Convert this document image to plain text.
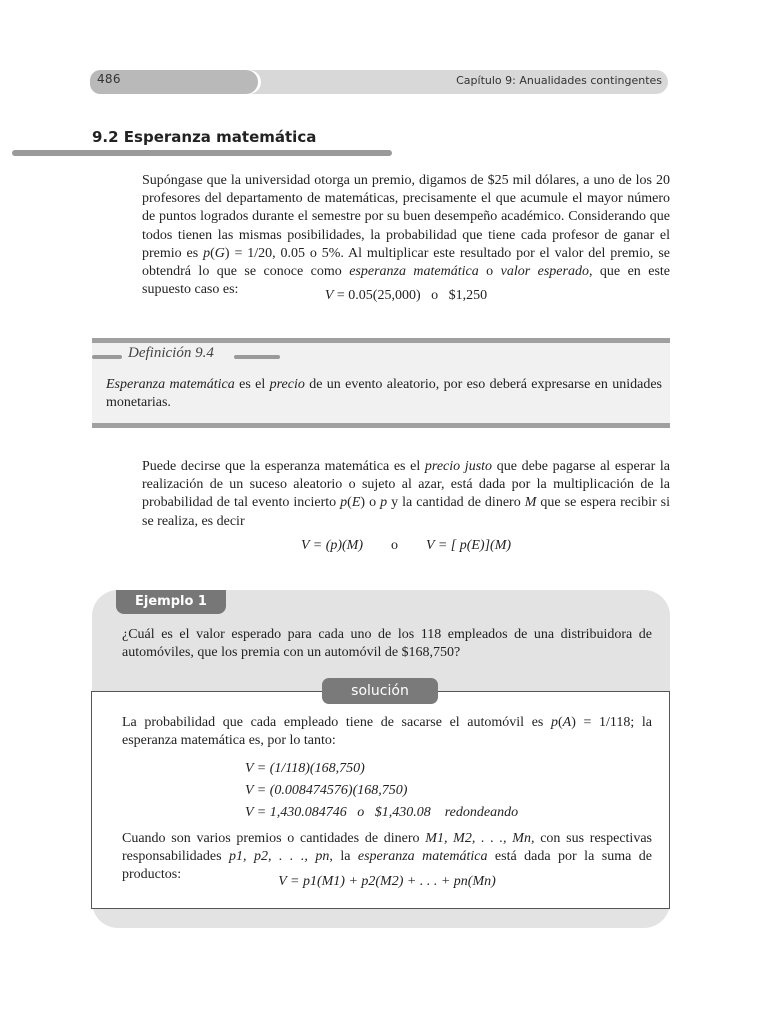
486	Capítulo 9: Anualidades contingentes
9.2 Esperanza matemática
Supóngase que la universidad otorga un premio, digamos de $25 mil dólares, a uno de los 20 profesores del departamento de matemáticas, precisamente el que acumule el mayor número de puntos logrados durante el semestre por su buen desempeño académico. Considerando que todos tienen las mismas posibilidades, la probabilidad que tiene cada profesor de ganar el premio es p(G) = 1/20, 0.05 o 5%. Al multiplicar este resultado por el valor del premio, se obtendrá lo que se conoce como esperanza matemática o valor esperado, que en este supuesto caso es:	V = 0.05(25,000)   o   $1,250
Definición 9.4
Esperanza matemática es el precio de un evento aleatorio, por eso deberá expresarse en unidades monetarias.
Puede decirse que la esperanza matemática es el precio justo que debe pagarse al esperar la realización de un suceso aleatorio o sujeto al azar, está dada por la multiplicación de la probabilidad de tal evento incierto p(E) o p y la cantidad de dinero M que se espera recibir si se realiza, es decir
V = (p)(M) o V = [ p(E)](M)
Ejemplo 1
¿Cuál es el valor esperado para cada uno de los 118 empleados de una distribuidora de automóviles, que los premia con un automóvil de $168,750?
solución
La probabilidad que cada empleado tiene de sacarse el automóvil es p(A) = 1/118; la esperanza matemática es, por lo tanto:
V = (1/118)(168,750)
V = (0.008474576)(168,750)
V = 1,430.084746   o   $1,430.08    redondeando
Cuando son varios premios o cantidades de dinero M1, M2, . . ., Mn, con sus respectivas responsabilidades p1, p2, . . ., pn, la esperanza matemática está dada por la suma de productos:	V = p1(M1) + p2(M2) + . . . + pn(Mn)
